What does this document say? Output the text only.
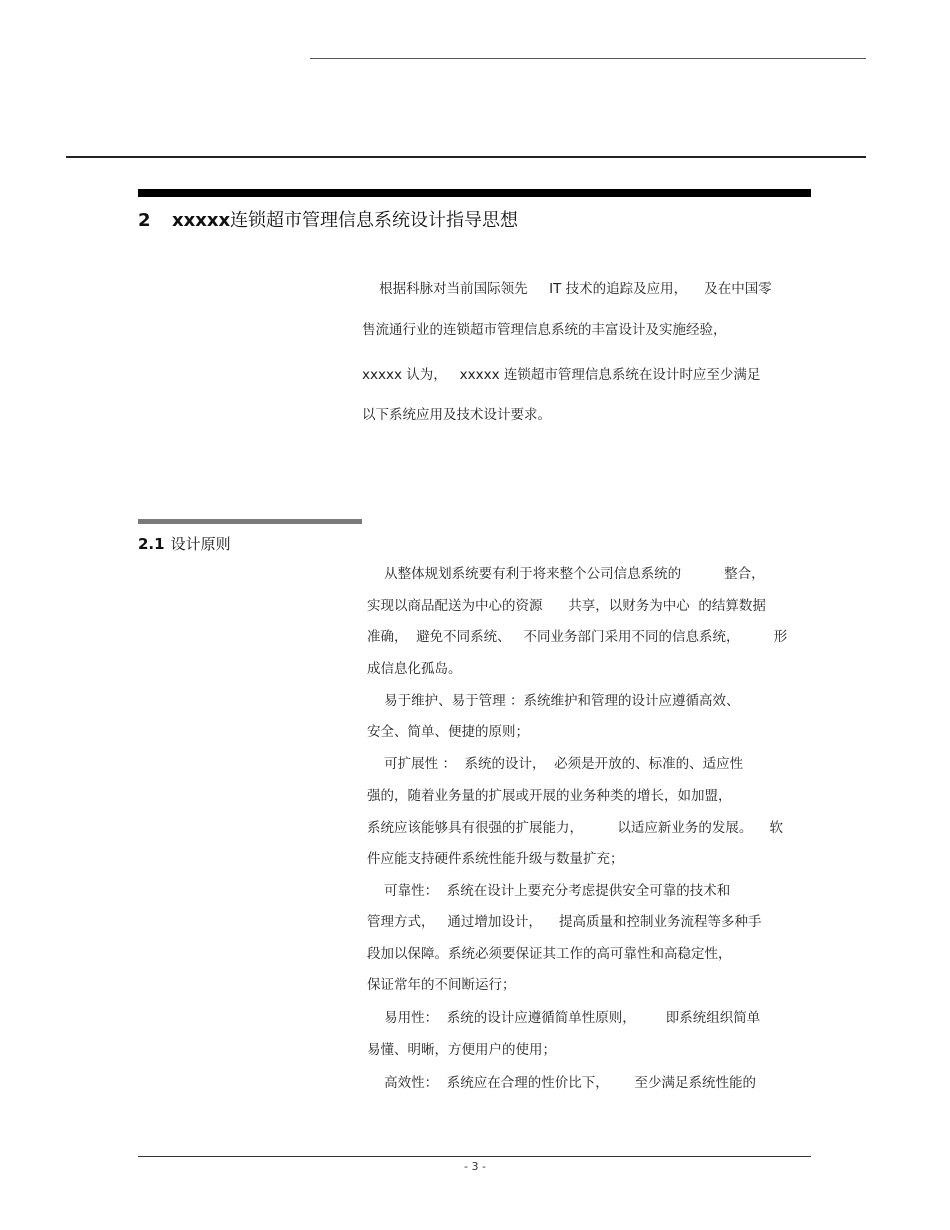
2 xxxxx连锁超市管理信息系统设计指导思想
根据科脉对当前国际领先     IT 技术的追踪及应用，    及在中国零
售流通行业的连锁超市管理信息系统的丰富设计及实施经验，
xxxxx 认为，   xxxxx 连锁超市管理信息系统在设计时应至少满足
以下系统应用及技术设计要求。
2.1 设计原则
从整体规划系统要有利于将来整个公司信息系统的          整合，
实现以商品配送为中心的资源      共享，以财务为中心  的结算数据
准确，  避免不同系统、   不同业务部门采用不同的信息系统，        形
成信息化孤岛。
易于维护、易于管理 ：系统维护和管理的设计应遵循高效、
安全、简单、便捷的原则；
可扩展性 ：  系统的设计，  必须是开放的、标准的、适应性
强的，随着业务量的扩展或开展的业务种类的增长，如加盟，
系统应该能够具有很强的扩展能力，        以适应新业务的发展。    软
件应能支持硬件系统性能升级与数量扩充；
可靠性：  系统在设计上要充分考虑提供安全可靠的技术和
管理方式，   通过增加设计，    提高质量和控制业务流程等多种手
段加以保障。系统必须要保证其工作的高可靠性和高稳定性，
保证常年的不间断运行；
易用性：  系统的设计应遵循简单性原则，       即系统组织简单
易懂、明晰，方便用户的使用；
高效性：  系统应在合理的性价比下，      至少满足系统性能的
- 3 -
